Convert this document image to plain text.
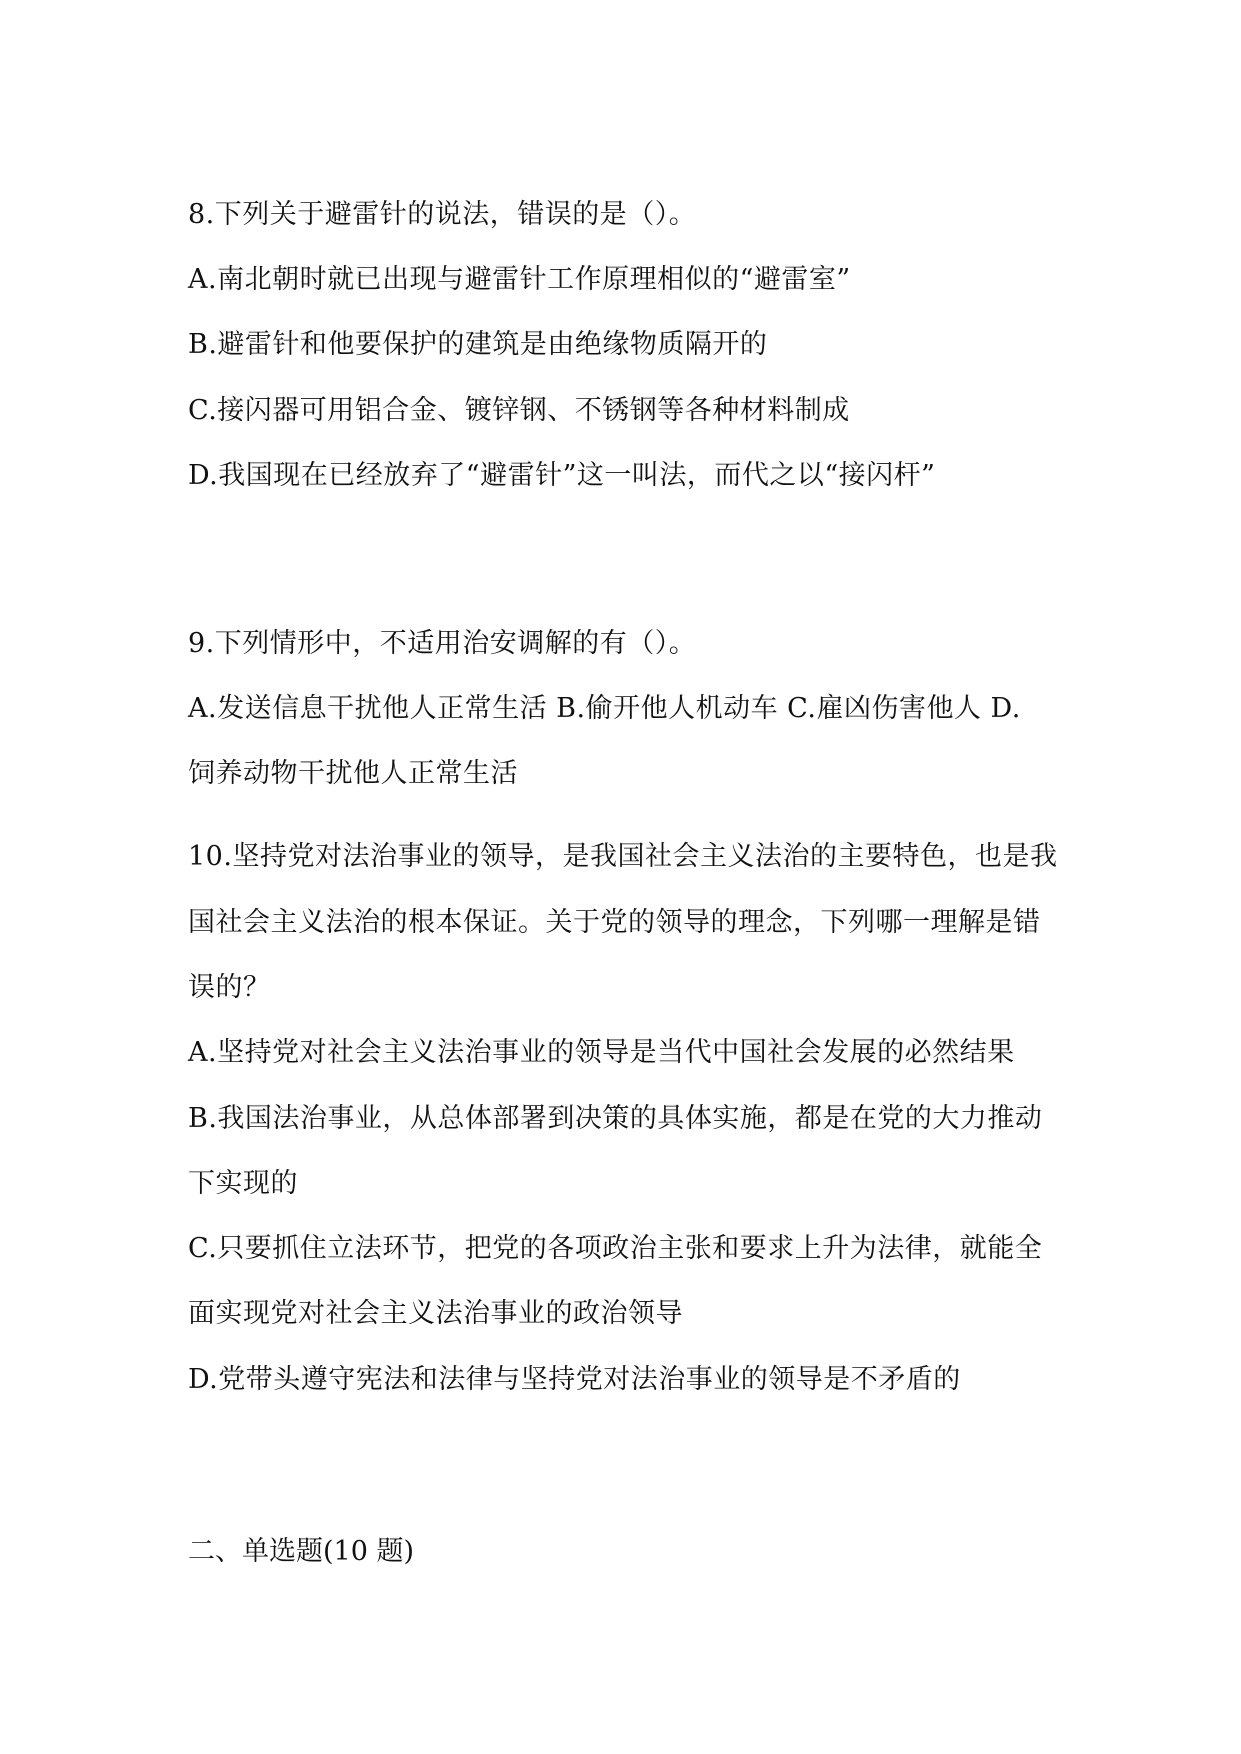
8.下列关于避雷针的说法，错误的是（）。
A.南北朝时就已出现与避雷针工作原理相似的“避雷室”
B.避雷针和他要保护的建筑是由绝缘物质隔开的
C.接闪器可用铝合金、镀锌钢、不锈钢等各种材料制成
D.我国现在已经放弃了“避雷针”这一叫法，而代之以“接闪杆”
9.下列情形中，不适用治安调解的有（）。
A.发送信息干扰他人正常生活 B.偷开他人机动车 C.雇凶伤害他人 D.
饲养动物干扰他人正常生活
10.坚持党对法治事业的领导，是我国社会主义法治的主要特色，也是我
国社会主义法治的根本保证。关于党的领导的理念，下列哪一理解是错
误的？
A.坚持党对社会主义法治事业的领导是当代中国社会发展的必然结果
B.我国法治事业，从总体部署到决策的具体实施，都是在党的大力推动
下实现的
C.只要抓住立法环节，把党的各项政治主张和要求上升为法律，就能全
面实现党对社会主义法治事业的政治领导
D.党带头遵守宪法和法律与坚持党对法治事业的领导是不矛盾的
二、单选题(10 题)
